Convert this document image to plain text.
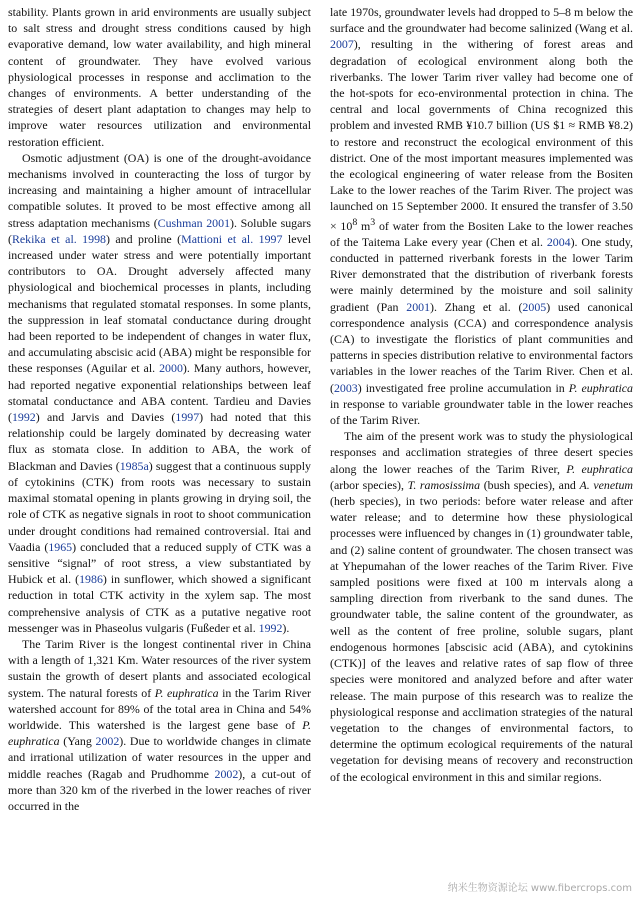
stability. Plants grown in arid environments are usually subject to salt stress and drought stress conditions caused by high evaporative demand, low water availability, and high mineral content of groundwater. They have evolved various physiological processes in response and acclimation to the changes of environments. A better understanding of the strategies of desert plant adaptation to changes may help to improve water resources utilization and environmental restoration efficient.

Osmotic adjustment (OA) is one of the drought-avoidance mechanisms involved in counteracting the loss of turgor by increasing and maintaining a higher amount of intracellular compatible solutes. It proved to be most effective among all stress adaptation mechanisms (Cushman 2001). Soluble sugars (Rekika et al. 1998) and proline (Mattioni et al. 1997 level increased under water stress and were potentially important contributors to OA. Drought adversely affected many physiological and biochemical processes in plants, including mechanisms that regulated stomatal responses. In some plants, the suppression in leaf stomatal conductance during drought had been reported to be independent of changes in water flux, and accumulating abscisic acid (ABA) might be responsible for these responses (Aguilar et al. 2000). Many authors, however, had reported negative exponential relationships between leaf stomatal conductance and ABA content. Tardieu and Davies (1992) and Jarvis and Davies (1997) had noted that this relationship could be largely dominated by decreasing water flux as stomata close. In addition to ABA, the work of Blackman and Davies (1985a) suggest that a continuous supply of cytokinins (CTK) from roots was necessary to sustain maximal stomatal opening in plants growing in drying soil, the role of CTK as negative signals in root to shoot communication under drought conditions had remained controversial. Itai and Vaadia (1965) concluded that a reduced supply of CTK was a sensitive “signal” of root stress, a view substantiated by Hubick et al. (1986) in sunflower, which showed a significant reduction in total CTK activity in the xylem sap. The most comprehensive analysis of CTK as a putative negative root messenger was in Phaseolus vulgaris (Fußeder et al. 1992).

The Tarim River is the longest continental river in China with a length of 1,321 Km. Water resources of the river system sustain the growth of desert plants and associated ecological system. The natural forests of P. euphratica in the Tarim River watershed account for 89% of the total area in China and 54% worldwide. This watershed is the largest gene base of P. euphratica (Yang 2002). Due to worldwide changes in climate and irrational utilization of water resources in the upper and middle reaches (Ragab and Prudhomme 2002), a cut-out of more than 320 km of the riverbed in the lower reaches of river occurred in the

late 1970s, groundwater levels had dropped to 5–8 m below the surface and the groundwater had become salinized (Wang et al. 2007), resulting in the withering of forest areas and degradation of ecological environment along both the riverbanks. The lower Tarim river valley had become one of the hot-spots for eco-environmental protection in china. The central and local governments of China recognized this problem and invested RMB ¥10.7 billion (US $1 ≈ RMB ¥8.2) to restore and reconstruct the ecological environment of this district. One of the most important measures implemented was the ecological engineering of water release from the Bositen Lake to the lower reaches of the Tarim River. The project was launched on 15 September 2000. It ensured the transfer of $3.50 \times 10^8$ $m^3$ of water from the Bositen Lake to the lower reaches of the Taitema Lake every year (Chen et al. 2004). One study, conducted in patterned riverbank forests in the lower Tarim River demonstrated that the distribution of riverbank forests were mainly determined by the moisture and soil salinity gradient (Pan 2001). Zhang et al. (2005) used canonical correspondence analysis (CCA) and correspondence analysis (CA) to investigate the floristics of plant communities and patterns in species distribution relative to environmental factors variables in the lower reaches of the Tarim River. Chen et al. (2003) investigated free proline accumulation in P. euphratica in response to variable groundwater table in the lower reaches of the Tarim River.

The aim of the present work was to study the physiological responses and acclimation strategies of three desert species along the lower reaches of the Tarim River, P. euphratica (arbor species), T. ramosissima (bush species), and A. venetum (herb species), in two periods: before water release and after water release; and to determine how these physiological processes were influenced by changes in (1) groundwater table, and (2) saline content of groundwater. The chosen transect was at Yhepumahan of the lower reaches of the Tarim River. Five sampled positions were fixed at 100 m intervals along a sampling direction from riverbank to the sand dunes. The groundwater table, the saline content of the groundwater, as well as the content of free proline, soluble sugars, plant endogenous hormones [abscisic acid (ABA), and cytokinins (CTK)] of the leaves and relative rates of sap flow of three species were monitored and analyzed before and after water release. The main purpose of this research was to realize the physiological response and acclimation strategies of the natural vegetation to the changes of environmental factors, to determine the optimum ecological requirements of the natural vegetation for devising means of recovery and reconstruction of the ecological environment in this and similar regions.

纳米生物资源论坛 www.fibercrops.com
